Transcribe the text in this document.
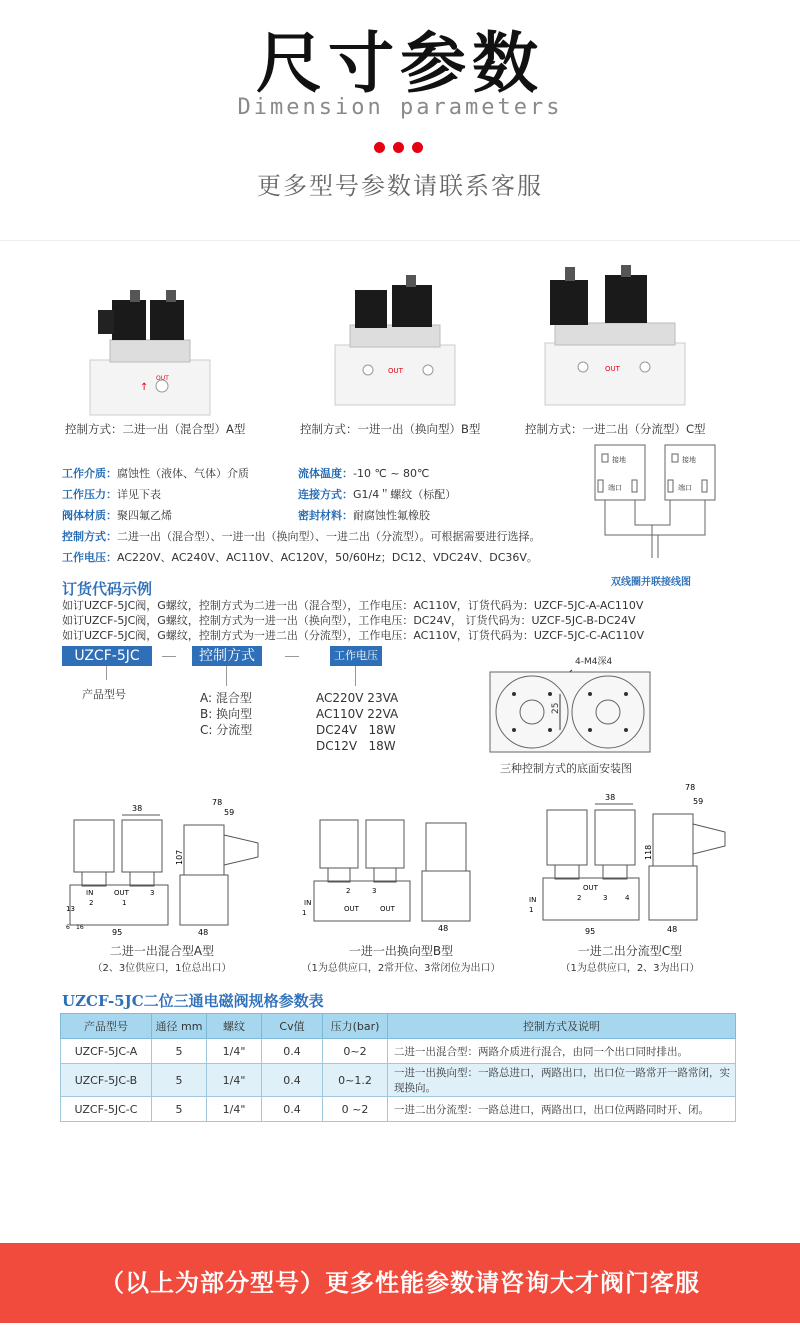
尺寸参数
Dimension parameters
更多型号参数请联系客服
OUT
↑
OUT	OUT
控制方式：二进一出（混合型）A型	控制方式：一进一出（换向型）B型	控制方式：一进二出（分流型）C型
工作介质：腐蚀性（液体、气体）介质
工作压力：详见下表
阀体材质：聚四氟乙烯
控制方式：二进一出（混合型）、一进一出（换向型）、一进二出（分流型）。可根据需要进行选择。
工作电压：AC220V、AC240V、AC110V、AC120V，50/60Hz；DC12、VDC24V、DC36V。
流体温度：-10 ℃ ~ 80℃
连接方式：G1/4＂螺纹（标配）
密封材料：耐腐蚀性氟橡胶
接地	接地
端口	端口
双线圈并联接线图
订货代码示例
如订UZCF-5JC阀，G螺纹，控制方式为二进一出（混合型），工作电压：AC110V，订货代码为：UZCF-5JC-A-AC110V
如订UZCF-5JC阀，G螺纹，控制方式为一进一出（换向型），工作电压：DC24V， 订货代码为：UZCF-5JC-B-DC24V
如订UZCF-5JC阀，G螺纹，控制方式为一进二出（分流型），工作电压：AC110V，订货代码为：UZCF-5JC-C-AC110V
UZCF-5JC	控制方式	工作电压
产品型号	A: 混合型
B: 换向型
C: 分流型
AC220V 23VA
AC110V 22VA
DC24V   18W
DC12V   18W
4-M4深4
25
三种控制方式的底面安装图
38
107
IN
2
OUT
1
3
13
6 16
95
78
59
48
IN
1
2	3
OUT	OUT
48
38
118
IN
1
OUT
2	3	4
95
78
59
48
二进一出混合型A型
（2、3位供应口，1位总出口）
一进一出换向型B型
（1为总供应口，2常开位、3常闭位为出口）
一进二出分流型C型
（1为总供应口，2、3为出口）
UZCF-5JC二位三通电磁阀规格参数表
产品型号	通径 mm	螺纹	Cv值	压力(bar)	控制方式及说明
UZCF-5JC-A	5	1/4"	0.4	0~2	二进一出混合型：两路介质进行混合，由同一个出口同时排出。
UZCF-5JC-B	5	1/4"	0.4	0~1.2	一进一出换向型：一路总进口，两路出口，出口位一路常开一路常闭，实现换向。
UZCF-5JC-C	5	1/4"	0.4	0 ~2	一进二出分流型：一路总进口，两路出口，出口位两路同时开、闭。
（以上为部分型号）更多性能参数请咨询大才阀门客服
